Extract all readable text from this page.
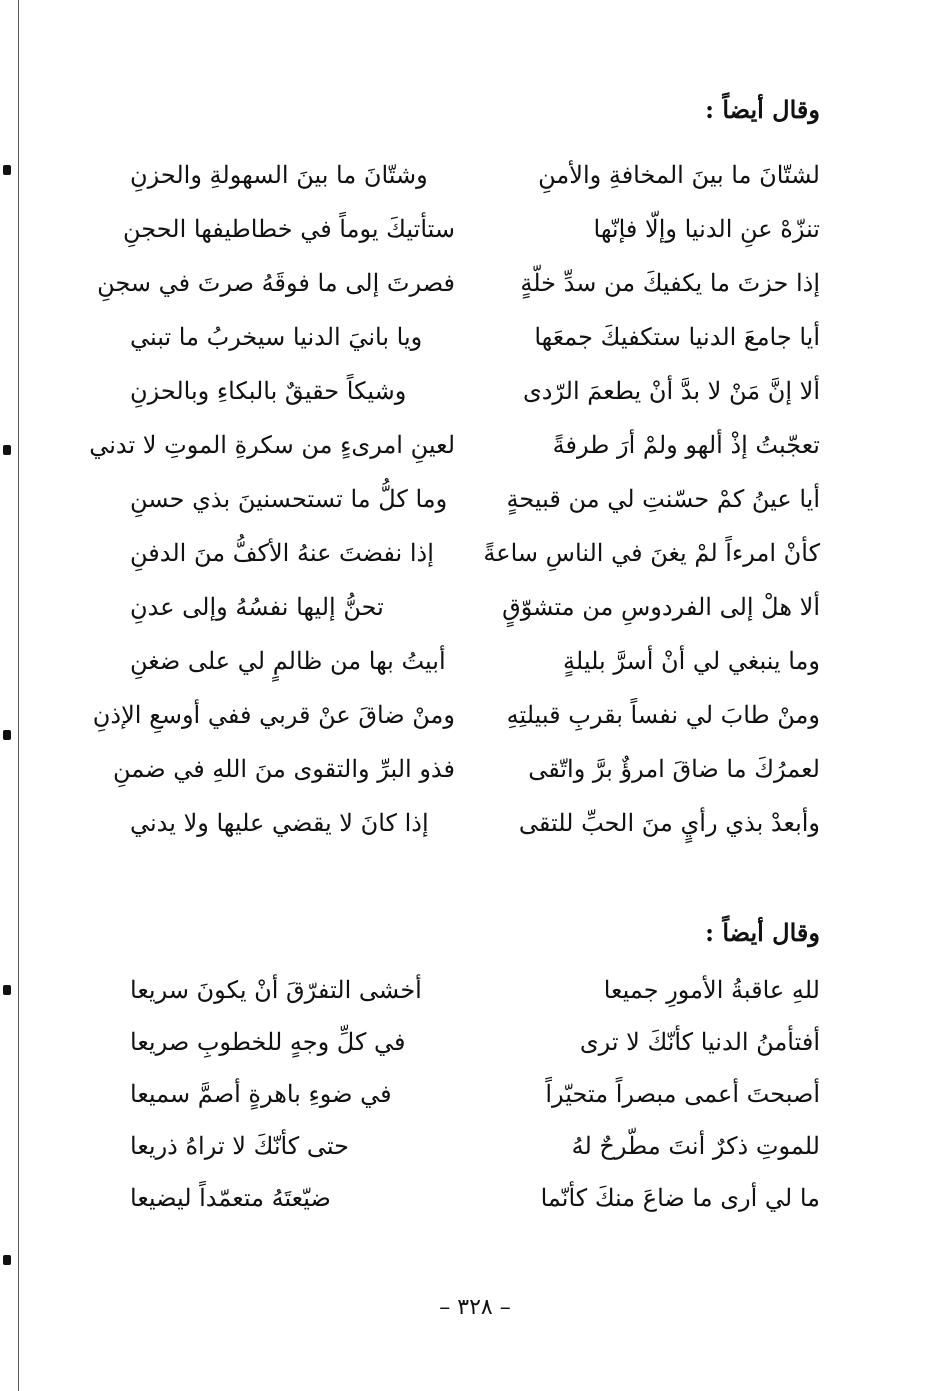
وقال أيضاً :
لشتّانَ ما بينَ المخافةِ والأمنِ
وشتّانَ ما بينَ السهولةِ والحزنِ
تنزّهْ عنِ الدنيا وإلّا فإنّها
ستأتيكَ يوماً في خطاطيفها الحجنِ
إذا حزتَ ما يكفيكَ من سدِّ خلّةٍ
فصرتَ إلى ما فوقَهُ صرتَ في سجنِ
أيا جامعَ الدنيا ستكفيكَ جمعَها
ويا بانيَ الدنيا سيخربُ ما تبني
ألا إنَّ مَنْ لا بدَّ أنْ يطعمَ الرّدى
وشيكاً حقيقٌ بالبكاءِ وبالحزنِ
تعجّبتُ إذْ ألهو ولمْ أرَ طرفةً
لعينِ امرىءٍ من سكرةِ الموتِ لا تدني
أيا عينُ كمْ حسّنتِ لي من قبيحةٍ
وما كلُّ ما تستحسنينَ بذي حسنِ
كأنْ امرءاً لمْ يغنَ في الناسِ ساعةً
إذا نفضتَ عنهُ الأكفُّ منَ الدفنِ
ألا هلْ إلى الفردوسِ من متشوّقٍ
تحنُّ إليها نفسُهُ وإلى عدنِ
وما ينبغي لي أنْ أسرَّ بليلةٍ
أبيتُ بها من ظالمٍ لي على ضغنِ
ومنْ طابَ لي نفساً بقربِ قبيلتِهِ
ومنْ ضاقَ عنْ قربي ففي أوسعِ الإذنِ
لعمرُكَ ما ضاقَ امرؤٌ برَّ واتّقى
فذو البرِّ والتقوى منَ اللهِ في ضمنِ
وأبعدْ بذي رأيٍ منَ الحبِّ للتقى
إذا كانَ لا يقضي عليها ولا يدني
وقال أيضاً :
للهِ عاقبةُ الأمورِ جميعا
أخشى التفرّقَ أنْ يكونَ سريعا
أفتأمنُ الدنيا كأنّكَ لا ترى
في كلِّ وجهٍ للخطوبِ صريعا
أصبحتَ أعمى مبصراً متحيّراً
في ضوءِ باهرةٍ أصمَّ سميعا
للموتِ ذكرٌ أنتَ مطّرحٌ لهُ
حتى كأنّكَ لا تراهُ ذريعا
ما لي أرى ما ضاعَ منكَ كأنّما
ضيّعتَهُ متعمّداً ليضيعا
– ٣٢٨ –
